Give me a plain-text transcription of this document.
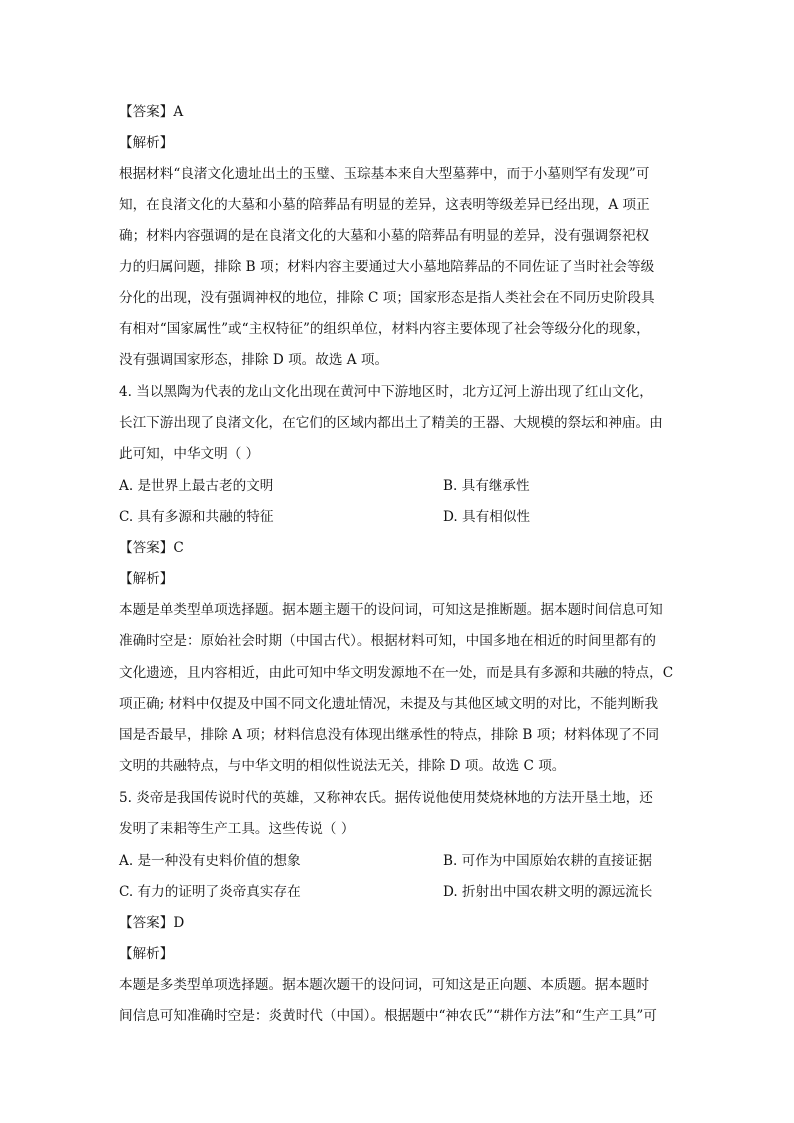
【答案】A
【解析】
根据材料“良渚文化遗址出土的玉璧、玉琮基本来自大型墓葬中，而于小墓则罕有发现”可
知，在良渚文化的大墓和小墓的陪葬品有明显的差异，这表明等级差异已经出现，A 项正
确；材料内容强调的是在良渚文化的大墓和小墓的陪葬品有明显的差异，没有强调祭祀权
力的归属问题，排除 B 项；材料内容主要通过大小墓地陪葬品的不同佐证了当时社会等级
分化的出现，没有强调神权的地位，排除 C 项；国家形态是指人类社会在不同历史阶段具
有相对“国家属性”或“主权特征”的组织单位，材料内容主要体现了社会等级分化的现象，
没有强调国家形态，排除 D 项。故选 A 项。
4. 当以黑陶为代表的龙山文化出现在黄河中下游地区时，北方辽河上游出现了红山文化，
长江下游出现了良渚文化，在它们的区域内都出土了精美的王器、大规模的祭坛和神庙。由
此可知，中华文明（ ）
A. 是世界上最古老的文明	B. 具有继承性
C. 具有多源和共融的特征	D. 具有相似性
【答案】C
【解析】
本题是单类型单项选择题。据本题主题干的设问词，可知这是推断题。据本题时间信息可知
准确时空是：原始社会时期（中国古代）。根据材料可知，中国多地在相近的时间里都有的
文化遗迹，且内容相近，由此可知中华文明发源地不在一处，而是具有多源和共融的特点，C
项正确; 材料中仅提及中国不同文化遗址情况，未提及与其他区域文明的对比，不能判断我
国是否最早，排除 A 项；材料信息没有体现出继承性的特点，排除 B 项；材料体现了不同
文明的共融特点，与中华文明的相似性说法无关，排除 D 项。故选 C 项。
5. 炎帝是我国传说时代的英雄，又称神农氏。据传说他使用焚烧林地的方法开垦土地，还
发明了耒耜等生产工具。这些传说（ ）
A. 是一种没有史料价值的想象	B. 可作为中国原始农耕的直接证据
C. 有力的证明了炎帝真实存在	D. 折射出中国农耕文明的源远流长
【答案】D
【解析】
本题是多类型单项选择题。据本题次题干的设问词，可知这是正向题、本质题。据本题时
间信息可知准确时空是：炎黄时代（中国）。根据题中“神农氏”“耕作方法”和“生产工具”可
